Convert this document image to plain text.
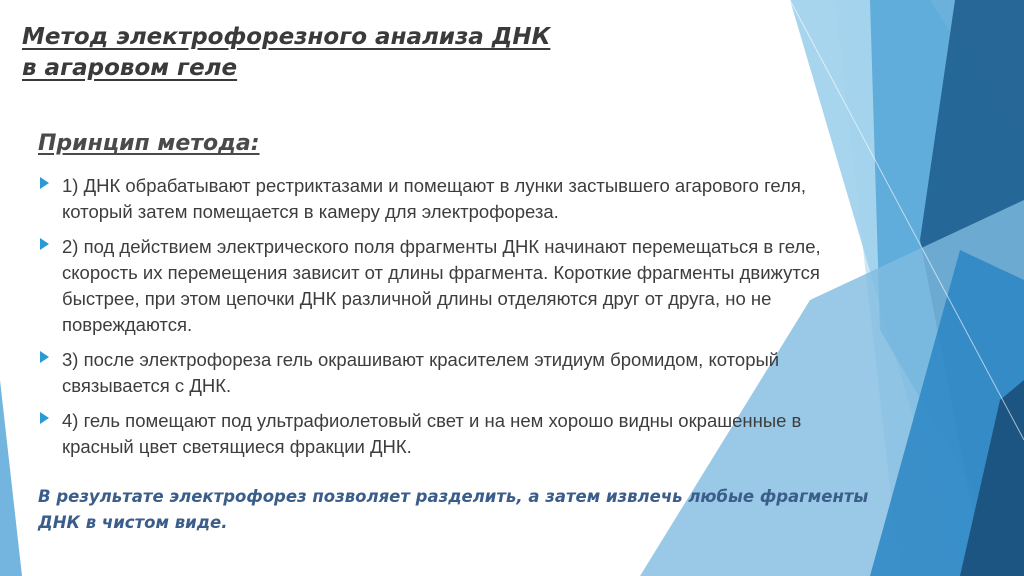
Метод электрофорезного анализа ДНК
в агаровом геле
Принцип метода:
1) ДНК обрабатывают рестриктазами и помещают в лунки застывшего агарового геля, который затем помещается в камеру для электрофореза.
2) под действием электрического поля фрагменты ДНК начинают перемещаться в геле, скорость их перемещения зависит от длины фрагмента. Короткие фрагменты движутся быстрее, при этом цепочки ДНК различной длины отделяются друг от друга, но не повреждаются.
3) после электрофореза гель окрашивают красителем этидиум бромидом, который связывается с ДНК.
4) гель помещают под ультрафиолетовый свет и на нем хорошо видны окрашенные в красный цвет светящиеся фракции ДНК.

В результате электрофорез позволяет разделить, а затем извлечь любые фрагменты ДНК в чистом виде.
